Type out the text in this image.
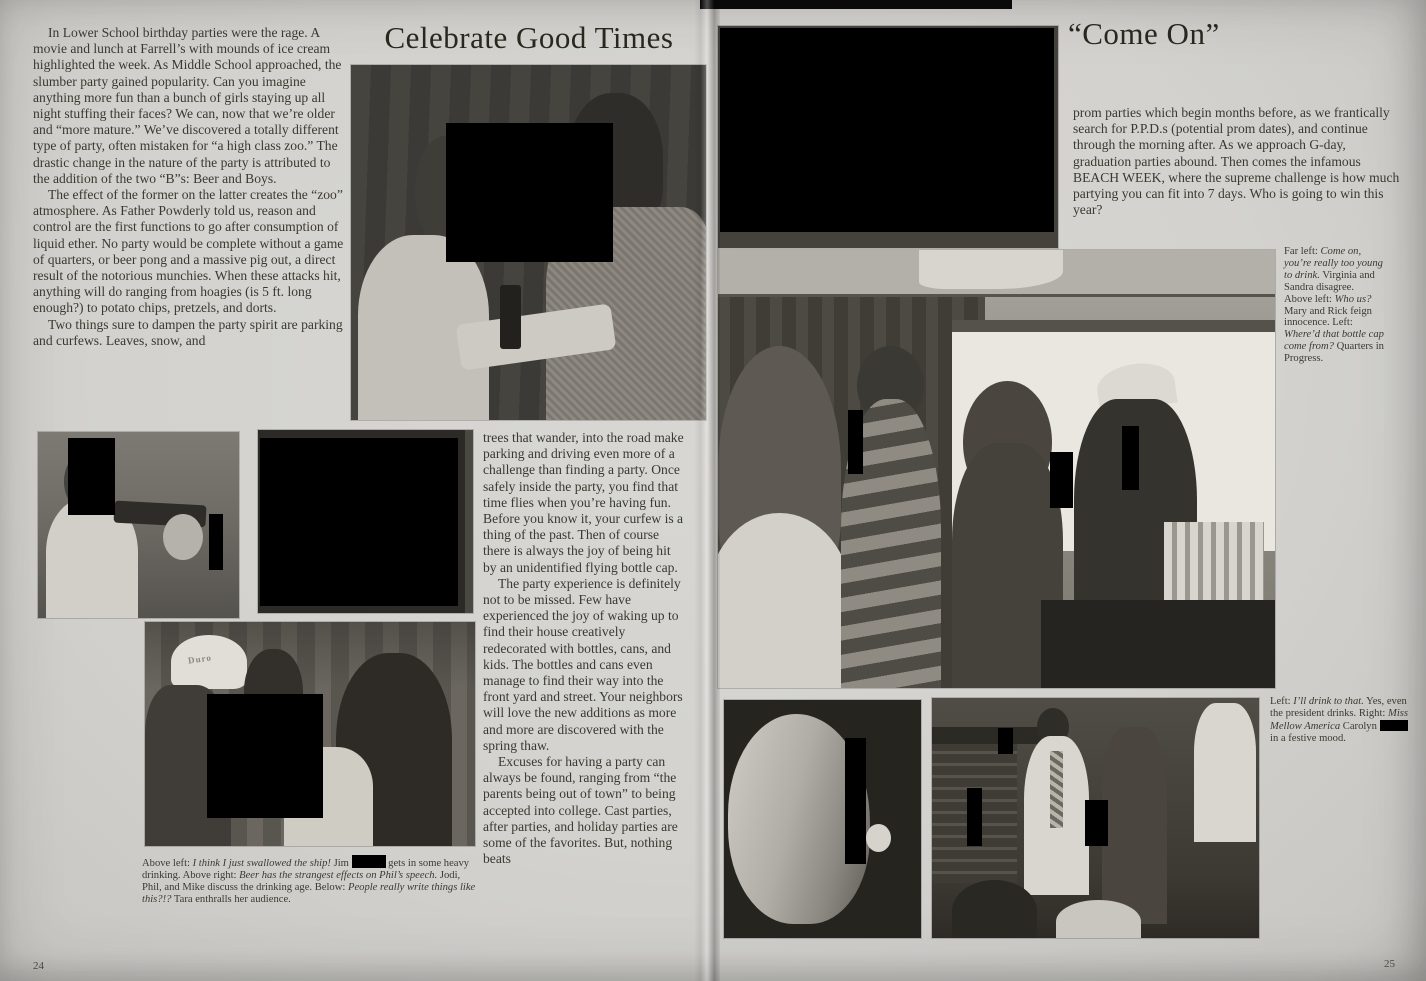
Celebrate Good Times

In Lower School birthday parties were the rage. A movie and lunch at Farrell’s with mounds of ice cream highlighted the week. As Middle School approached, the slumber party gained popularity. Can you imagine anything more fun than a bunch of girls staying up all night stuffing their faces? We can, now that we’re older and “more mature.” We’ve discovered a totally different type of party, often mistaken for “a high class zoo.” The drastic change in the nature of the party is attributed to the addition of the two “B”s: Beer and Boys.

The effect of the former on the latter creates the “zoo” atmosphere. As Father Powderly told us, reason and control are the first functions to go after consumption of liquid ether. No party would be complete without a game of quarters, or beer pong and a massive pig out, a direct result of the notorious munchies. When these attacks hit, anything will do ranging from hoagies (is 5 ft. long enough?) to potato chips, pretzels, and dorts.

Two things sure to dampen the party spirit are parking and curfews. Leaves, snow, and

Duro
Above left: I think I just swallowed the ship! Jim	gets in some heavy drinking. Above right: Beer has the strangest effects on Phil’s speech. Jodi, Phil, and Mike discuss the drinking age. Below: People really write things like this?!? Tara enthralls her audience.

trees that wander, into the road make parking and driving even more of a challenge than finding a party. Once safely inside the party, you find that time flies when you’re having fun. Before you know it, your curfew is a thing of the past. Then of course there is always the joy of being hit by an unidentified flying bottle cap.

The party experience is definitely not to be missed. Few have experienced the joy of waking up to find their house creatively redecorated with bottles, cans, and kids. The bottles and cans even manage to find their way into the front yard and street. Your neighbors will love the new additions as more and more are discovered with the spring thaw.

Excuses for having a party can always be found, ranging from “the parents being out of town” to being accepted into college. Cast parties, after parties, and holiday parties are some of the favorites. But, nothing beats

24
“Come On”

prom parties which begin months before, as we frantically search for P.P.D.s (potential prom dates), and continue through the morning after. As we approach G-day, graduation parties abound. Then comes the infamous BEACH WEEK, where the supreme challenge is how much partying you can fit into 7 days. Who is going to win this year?

Far left: Come on, you’re really too young to drink. Virginia and Sandra disagree. Above left: Who us? Mary and Rick feign innocence. Left: Where’d that bottle cap come from? Quarters in Progress.
Left: I’ll drink to that. Yes, even the president drinks. Right: Miss Mellow America Carolyn  in a festive mood.
25
